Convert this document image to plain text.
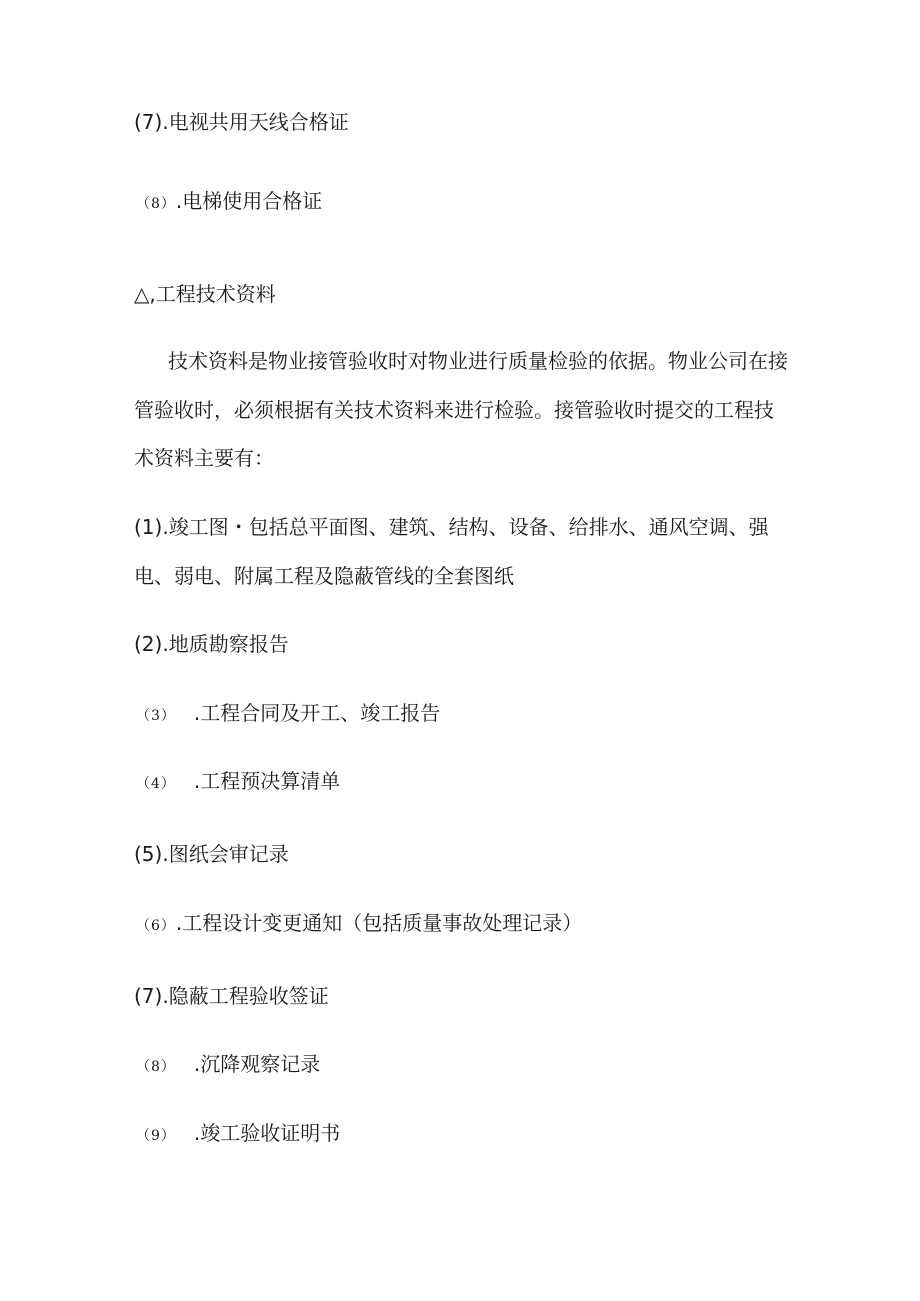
(7).电视共用天线合格证
（8）.电梯使用合格证
△,工程技术资料
技术资料是物业接管验收时对物业进行质量检验的依据。物业公司在接
管验收时，必须根据有关技术资料来进行检验。接管验收时提交的工程技
术资料主要有：
(1).竣工图・包括总平面图、建筑、结构、设备、给排水、通风空调、强
电、弱电、附属工程及隐蔽管线的全套图纸
(2).地质勘察报告
（3） .工程合同及开工、竣工报告
（4） .工程预决算清单
(5).图纸会审记录
（6）.工程设计变更通知（包括质量事故处理记录）
(7).隐蔽工程验收签证
（8） .沉降观察记录
（9） .竣工验收证明书
